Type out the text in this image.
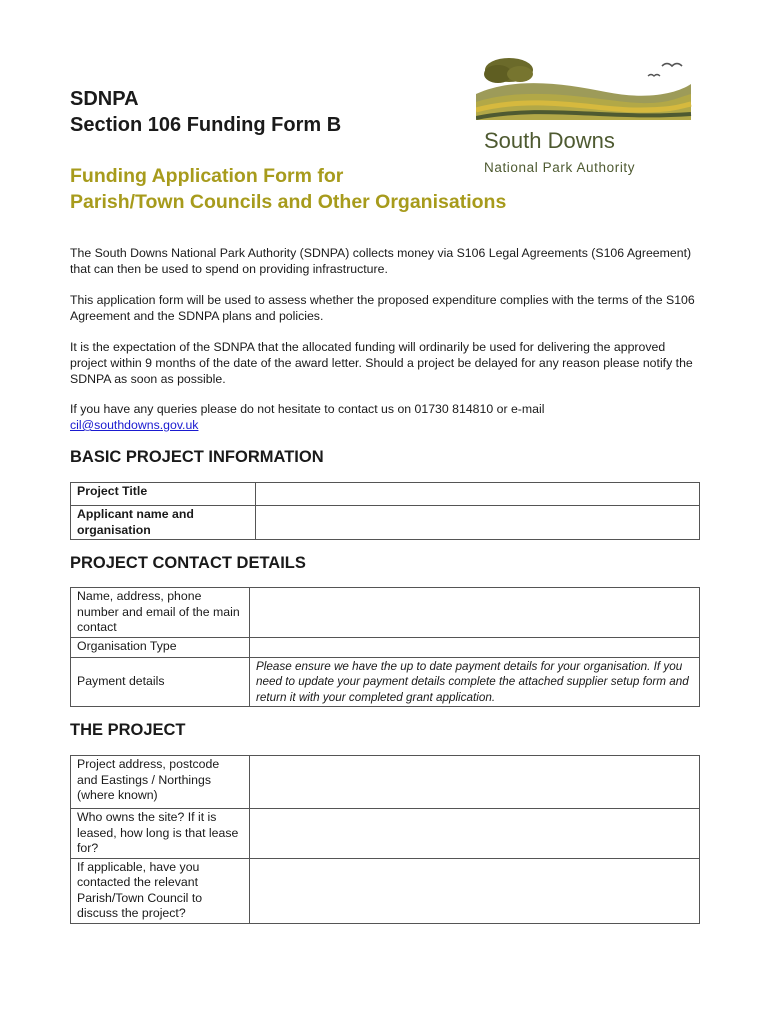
SDNPA
Section 106 Funding Form B
South Downs
National Park Authority
Funding Application Form for
Parish/Town Councils and Other Organisations

The South Downs National Park Authority (SDNPA) collects money via S106 Legal Agreements (S106 Agreement) that can then be used to spend on providing infrastructure.

This application form will be used to assess whether the proposed expenditure complies with the terms of the S106 Agreement and the SDNPA plans and policies.

It is the expectation of the SDNPA that the allocated funding will ordinarily be used for delivering the approved project within 9 months of the date of the award letter. Should a project be delayed for any reason please notify the SDNPA as soon as possible.

If you have any queries please do not hesitate to contact us on 01730 814810 or e-mail
cil@southdowns.gov.uk

BASIC PROJECT INFORMATION
Project Title	
Applicant name and organisation	
PROJECT CONTACT DETAILS
Name, address, phone number and email of the main contact	
Organisation Type	
Payment details	Please ensure we have the up to date payment details for your organisation. If you need to update your payment details complete the attached supplier setup form and return it with your completed grant application.
THE PROJECT
Project address, postcode and Eastings / Northings (where known)	
Who owns the site? If it is leased, how long is that lease for?	
If applicable, have you contacted the relevant Parish/Town Council to discuss the project?	
